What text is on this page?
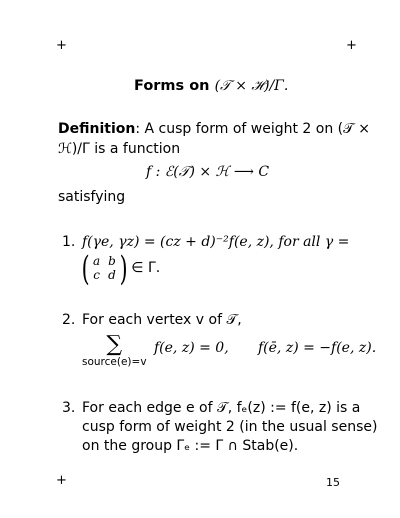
+	+
+	15
Forms on (𝒯 × ℋ)/Γ.
Definition: A cusp form of weight 2 on (𝒯 ×
ℋ)/Γ is a function
f : ℰ(𝒯) × ℋ ⟶ C
satisfying
1. f(γe, γz) = (cz + d)⁻²f(e, z), for all γ =
( a	b
c	d ) ∈ Γ.
2. For each vertex v of 𝒯,
∑
source(e)=v
f(e, z) = 0, f(ē, z) = −f(e, z).
3. For each edge e of 𝒯, fₑ(z) := f(e, z) is a
cusp form of weight 2 (in the usual sense)
on the group Γₑ := Γ ∩ Stab(e).
